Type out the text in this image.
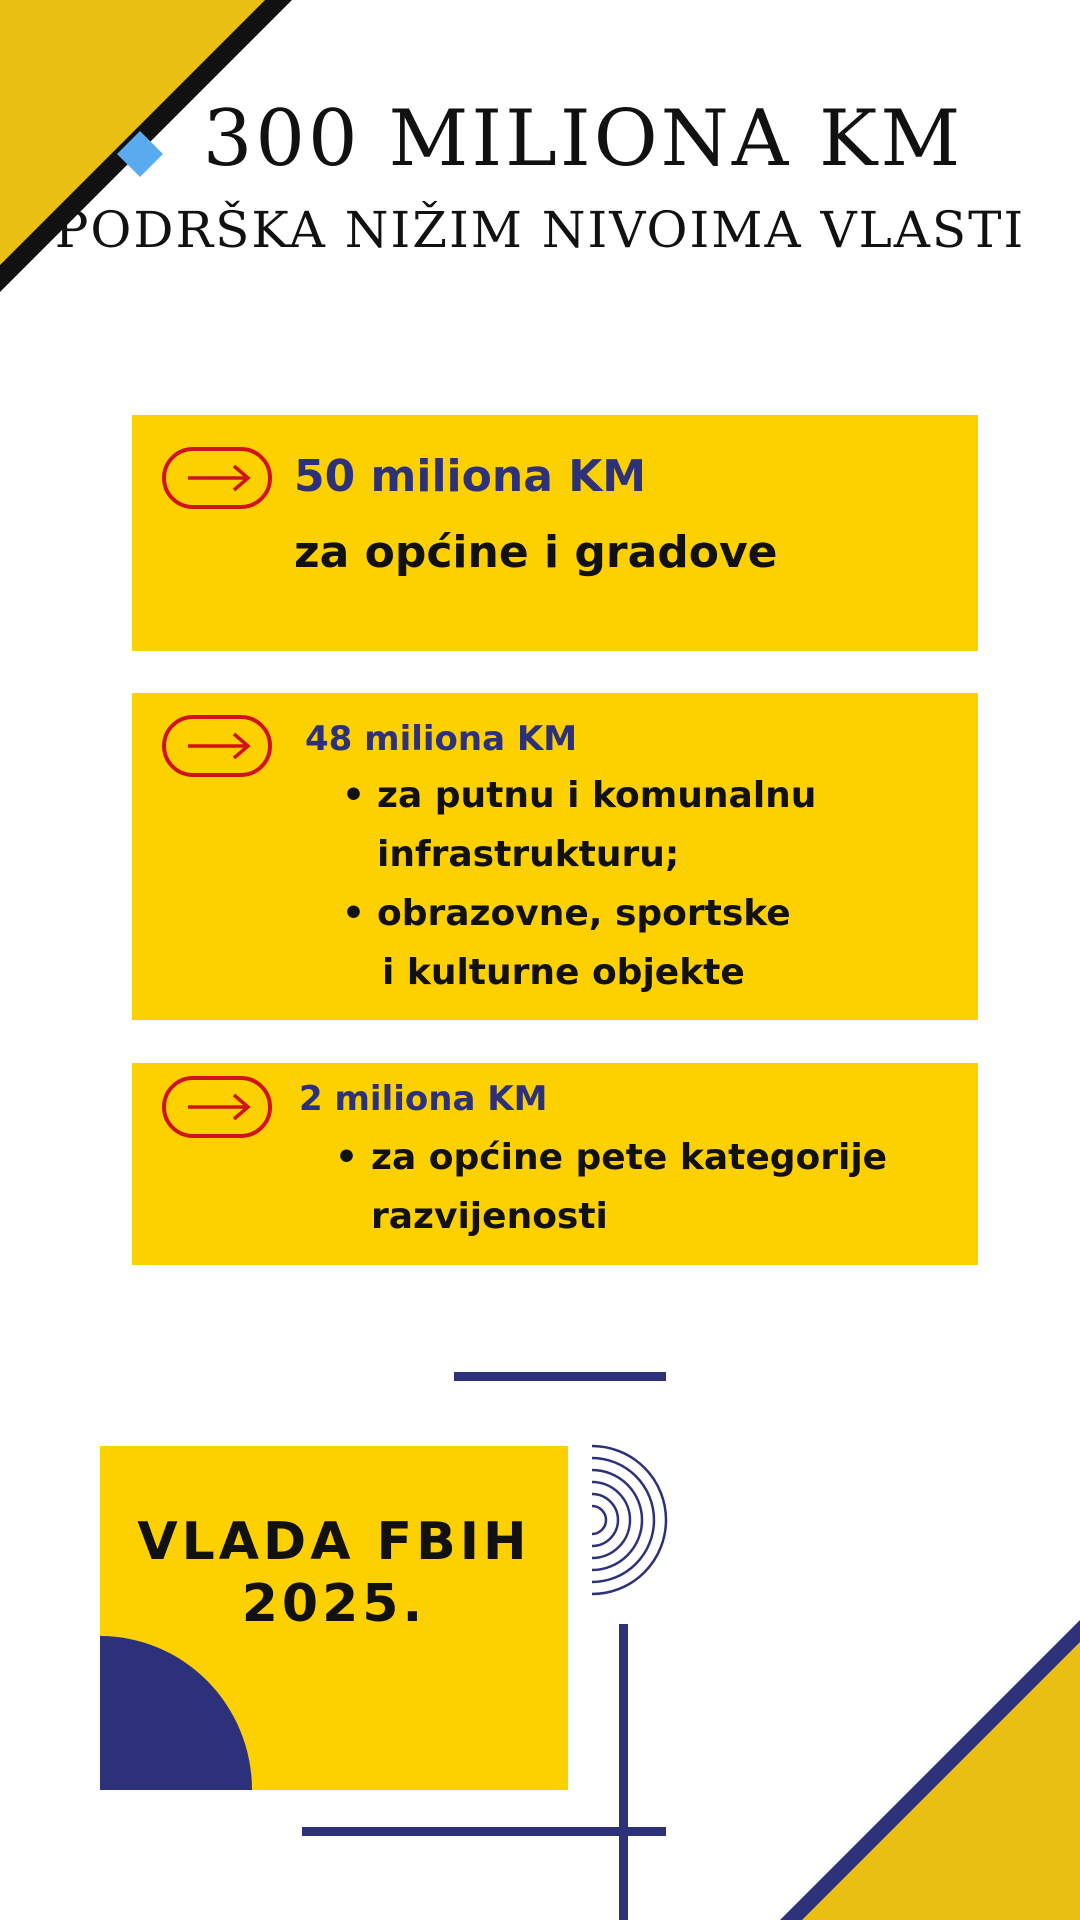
300 MILIONA KM
PODRŠKA NIŽIM NIVOIMA VLASTI
50 miliona KM
za općine i gradove
48 miliona KM
• za putnu i komunalnu
infrastrukturu;
• obrazovne, sportske
i kulturne objekte
2 miliona KM
• za općine pete kategorije
razvijenosti
VLADA FBIH
2025.
